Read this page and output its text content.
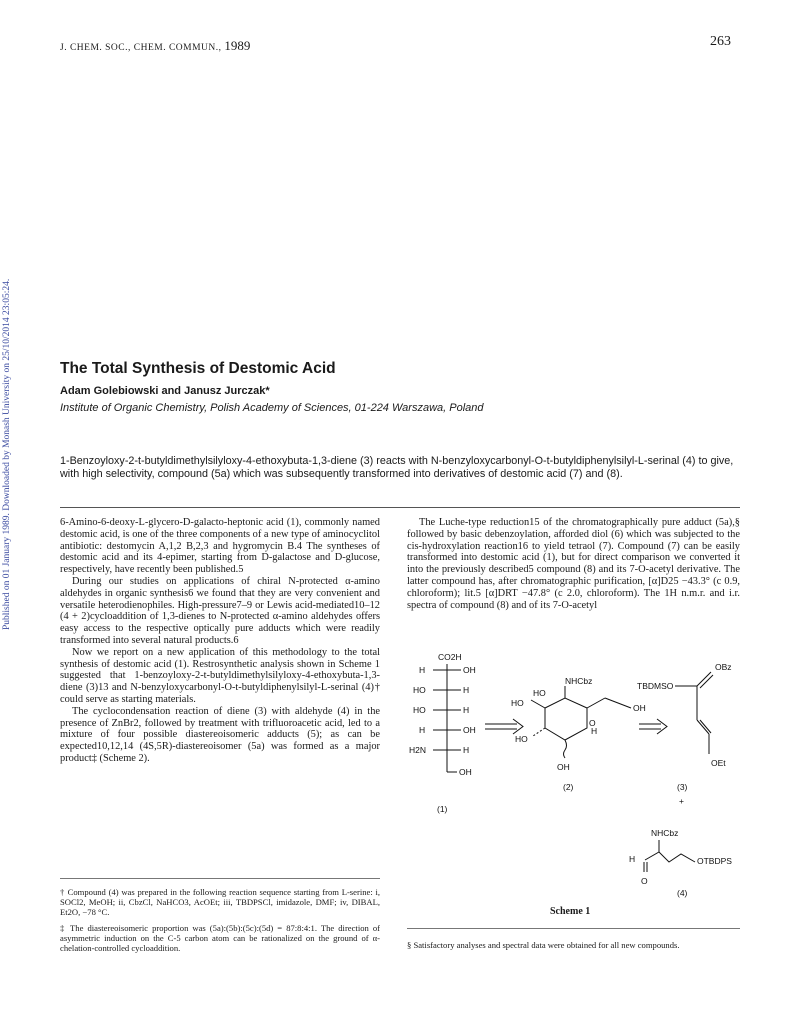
J. CHEM. SOC., CHEM. COMMUN., 1989	263
Published on 01 January 1989. Downloaded by Monash University on 25/10/2014 23:05:24.	The Total Synthesis of Destomic Acid
Adam Golebiowski and Janusz Jurczak*
Institute of Organic Chemistry, Polish Academy of Sciences, 01-224 Warszawa, Poland
1-Benzoyloxy-2-t-butyldimethylsilyloxy-4-ethoxybuta-1,3-diene (3) reacts with N-benzyloxycarbonyl-O-t-butyldiphenylsilyl-L-serinal (4) to give, with high selectivity, compound (5a) which was subsequently transformed into derivatives of destomic acid (7) and (8).

6-Amino-6-deoxy-L-glycero-D-galacto-heptonic acid (1), commonly named destomic acid, is one of the three components of a new type of aminocyclitol antibiotic: destomycin A,1,2 B,2,3 and hygromycin B.4 The syntheses of destomic acid and its 4-epimer, starting from D-galactose and D-glucose, respectively, have recently been published.5

During our studies on applications of chiral N-protected α-amino aldehydes in organic synthesis6 we found that they are very convenient and versatile heterodienophiles. High-pressure7–9 or Lewis acid-mediated10–12 (4 + 2)cycloaddition of 1,3-dienes to N-protected α-amino aldehydes offers easy access to the respective optically pure adducts which were readily transformed into several natural products.6

Now we report on a new application of this methodology to the total synthesis of destomic acid (1). Restrosynthetic analysis shown in Scheme 1 suggested that 1-benzoyloxy-2-t-butyldimethylsilyloxy-4-ethoxybuta-1,3-diene (3)13 and N-benzyloxycarbonyl-O-t-butyldiphenylsilyl-L-serinal (4)† could serve as starting materials.

The cyclocondensation reaction of diene (3) with aldehyde (4) in the presence of ZnBr2, followed by treatment with trifluoroacetic acid, led to a mixture of four possible diastereoisomeric adducts (5); as can be expected10,12,14 (4S,5R)-diastereoisomer (5a) was formed as a major product‡ (Scheme 2).

The Luche-type reduction15 of the chromatographically pure adduct (5a),§ followed by basic debenzoylation, afforded diol (6) which was subjected to the cis-hydroxylation reaction16 to yield tetraol (7). Compound (7) can be easily transformed into destomic acid (1), but for direct comparison we converted it into the previously described5 compound (8) and its 7-O-acetyl derivative. The latter compound has, after chromatographic purification, [α]D25 −43.3° (c 0.9, chloroform); lit.5 [α]DRT −47.8° (c 2.0, chloroform). The 1H n.m.r. and i.r. spectra of compound (8) and of its 7-O-acetyl

CO2H
H	OH
HO	H
HO	H
H	OH
H2N	H
OH
(1)
HO
NHCbz
HO	OH
H
O
HO
OH
(2)
OBz
TBDMSO
OEt
(3)
+
NHCbz
H	OTBDPS
O
(4)
Scheme 1

† Compound (4) was prepared in the following reaction sequence starting from L-serine: i, SOCl2, MeOH; ii, CbzCl, NaHCO3, AcOEt; iii, TBDPSCl, imidazole, DMF; iv, DIBAL, Et2O, −78 °C.

‡ The diastereoisomeric proportion was (5a):(5b):(5c):(5d) = 87:8:4:1. The direction of asymmetric induction on the C-5 carbon atom can be rationalized on the ground of α-chelation-controlled cycloaddition.	§ Satisfactory analyses and spectral data were obtained for all new compounds.
